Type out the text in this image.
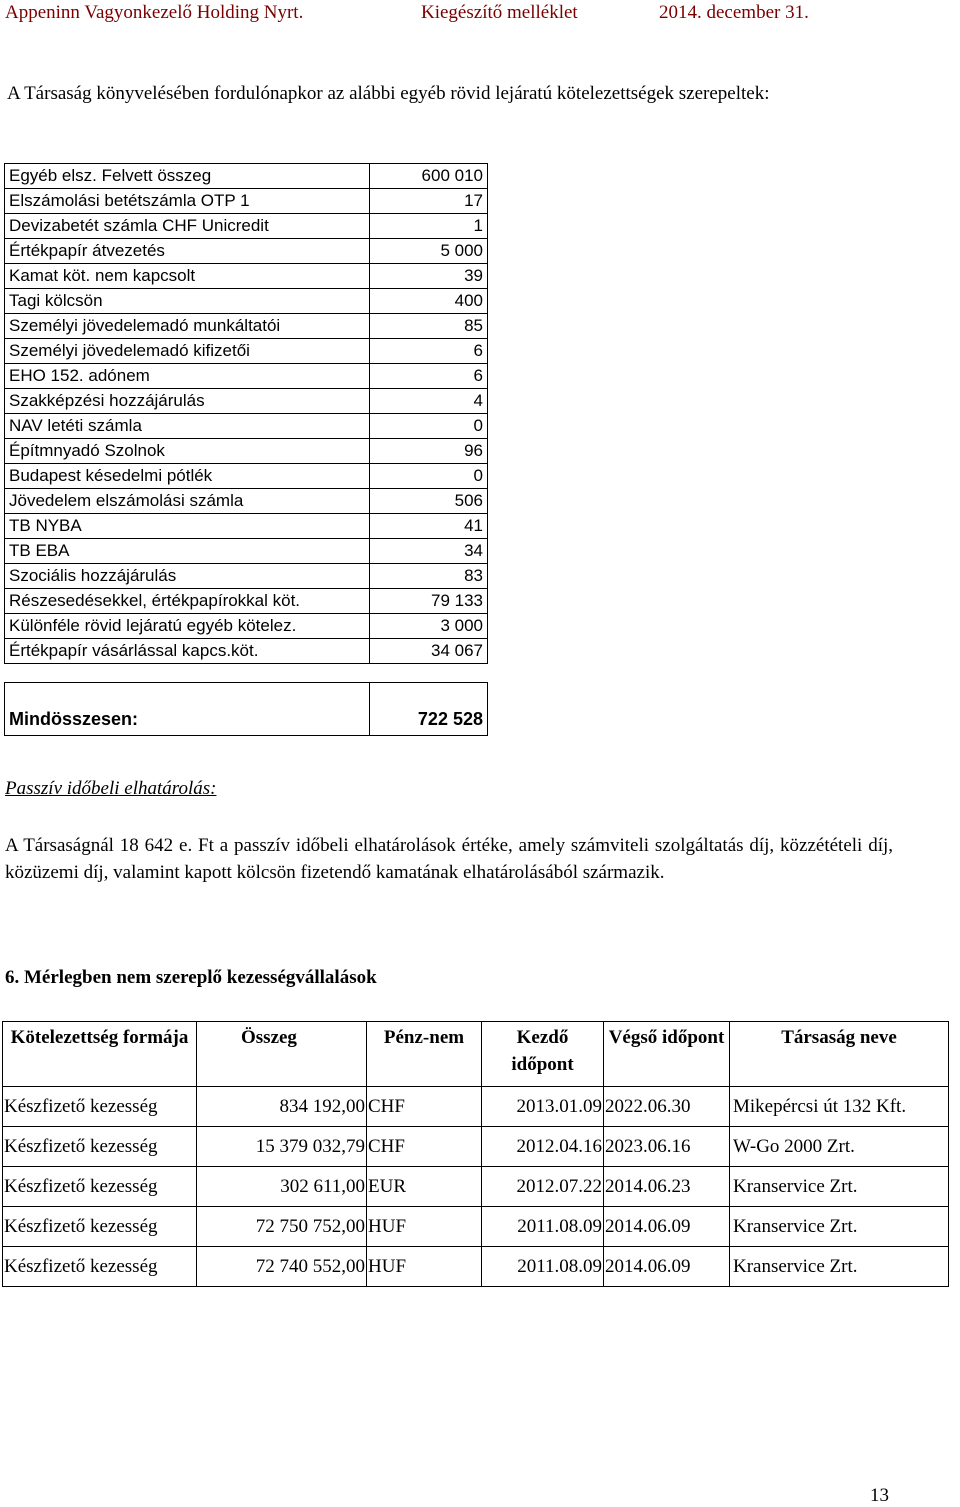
Appeninn Vagyonkezelő Holding Nyrt.	Kiegészítő melléklet	2014. december 31.
A Társaság könyvelésében fordulónapkor az alábbi egyéb rövid lejáratú kötelezettségek szerepeltek:
Egyéb elsz. Felvett összeg	600 010
Elszámolási betétszámla OTP 1	17
Devizabetét számla CHF Unicredit	1
Értékpapír átvezetés	5 000
Kamat köt. nem kapcsolt	39
Tagi kölcsön	400
Személyi jövedelemadó munkáltatói	85
Személyi jövedelemadó kifizetői	6
EHO 152. adónem	6
Szakképzési hozzájárulás	4
NAV letéti számla	0
Építmnyadó Szolnok	96
Budapest késedelmi pótlék	0
Jövedelem elszámolási számla	506
TB NYBA	41
TB EBA	34
Szociális hozzájárulás	83
Részesedésekkel, értékpapírokkal köt.	79 133
Különféle rövid lejáratú egyéb kötelez.	3 000
Értékpapír vásárlással kapcs.köt.	34 067

Mindösszesen:	722 528
Passzív időbeli elhatárolás:
A Társaságnál 18 642 e. Ft a passzív időbeli elhatárolások értéke, amely számviteli szolgáltatás díj, közzétételi díj, közüzemi díj, valamint kapott kölcsön fizetendő kamatának elhatárolásából származik.
6. Mérlegben nem szereplő kezességvállalások
Kötelezettség formája	Összeg	Pénz-nem	Kezdő időpont	Végső időpont	Társaság neve
Készfizető kezesség	834 192,00	CHF	2013.01.09	2022.06.30	Mikepércsi út 132 Kft.
Készfizető kezesség	15 379 032,79	CHF	2012.04.16	2023.06.16	W-Go 2000 Zrt.
Készfizető kezesség	302 611,00	EUR	2012.07.22	2014.06.23	Kranservice Zrt.
Készfizető kezesség	72 750 752,00	HUF	2011.08.09	2014.06.09	Kranservice Zrt.
Készfizető kezesség	72 740 552,00	HUF	2011.08.09	2014.06.09	Kranservice Zrt.
13
